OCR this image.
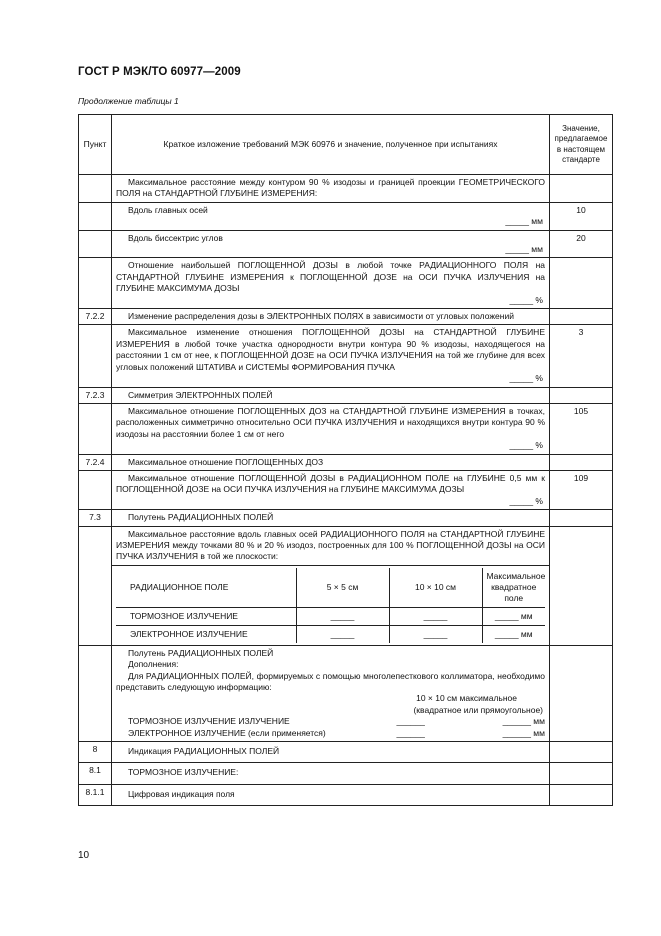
ГОСТ Р МЭК/ТО 60977—2009
Продолжение таблицы 1
Пункт	Краткое изложение требований МЭК 60976 и значение, полученное при испытаниях	Значение, предлагаемое в настоящем стандарте

Максимальное расстояние между контуром 90 % изодозы и границей проекции ГЕОМЕТРИЧЕСКОГО ПОЛЯ на СТАНДАРТНОЙ ГЛУБИНЕ ИЗМЕРЕНИЯ:

Вдоль главных осей
_____ мм
	10

Вдоль биссектрис углов
_____ мм
	20

Отношение наибольшей ПОГЛОЩЕННОЙ ДОЗЫ в любой точке РАДИАЦИОННОГО ПОЛЯ на СТАНДАРТНОЙ ГЛУБИНЕ ИЗМЕРЕНИЯ к ПОГЛОЩЕННОЙ ДОЗЕ на ОСИ ПУЧКА ИЗЛУЧЕНИЯ на ГЛУБИНЕ МАКСИМУМА ДОЗЫ
_____ %

7.2.2	Изменение распределения дозы в ЭЛЕКТРОННЫХ ПОЛЯХ в зависимости от угловых положений

Максимальное изменение отношения ПОГЛОЩЕННОЙ ДОЗЫ на СТАНДАРТНОЙ ГЛУБИНЕ ИЗМЕРЕНИЯ в любой точке участка однородности внутри контура 90 % изодозы, находящегося на расстоянии 1 см от нее, к ПОГЛОЩЕННОЙ ДОЗЕ на ОСИ ПУЧКА ИЗЛУЧЕНИЯ на той же глубине для всех угловых положений ШТАТИВА и СИСТЕМЫ ФОРМИРОВАНИЯ ПУЧКА
_____ %
	3
7.2.3	Симметрия ЭЛЕКТРОННЫХ ПОЛЕЙ

Максимальное отношение ПОГЛОЩЕННЫХ ДОЗ на СТАНДАРТНОЙ ГЛУБИНЕ ИЗМЕРЕНИЯ в точках, расположенных симметрично относительно ОСИ ПУЧКА ИЗЛУЧЕНИЯ и находящихся внутри контура 90 % изодозы на расстоянии более 1 см от него
_____ %
	105
7.2.4	Максимальное отношение ПОГЛОЩЕННЫХ ДОЗ

Максимальное отношение ПОГЛОЩЕННОЙ ДОЗЫ в РАДИАЦИОННОМ ПОЛЕ на ГЛУБИНЕ 0,5 мм к ПОГЛОЩЕННОЙ ДОЗЕ на ОСИ ПУЧКА ИЗЛУЧЕНИЯ на ГЛУБИНЕ МАКСИМУМА ДОЗЫ
_____ %
	109
7.3	Полутень РАДИАЦИОННЫХ ПОЛЕЙ

Максимальное расстояние вдоль главных осей РАДИАЦИОННОГО ПОЛЯ на СТАНДАРТНОЙ ГЛУБИНЕ ИЗМЕРЕНИЯ между точками 80 % и 20 % изодоз, построенных для 100 % ПОГЛОЩЕННОЙ ДОЗЫ на ОСИ ПУЧКА ИЗЛУЧЕНИЯ в той же плоскости:

РАДИАЦИОННОЕ ПОЛЕ	5 × 5 см	10 × 10 см	Максимальное квадратное поле
ТОРМОЗНОЕ ИЗЛУЧЕНИЕ	_____	_____	_____ мм
ЭЛЕКТРОННОЕ ИЗЛУЧЕНИЕ	_____	_____	_____ мм

Полутень РАДИАЦИОННЫХ ПОЛЕЙ
Дополнения:
Для РАДИАЦИОННЫХ ПОЛЕЙ, формируемых с помощью многолепесткового коллиматора, необходимо представить следующую информацию:
10 × 10 см максимальное
(квадратное или прямоугольное)
ТОРМОЗНОЕ ИЗЛУЧЕНИЕ ИЗЛУЧЕНИЕ	______	______ мм
ЭЛЕКТРОННОЕ ИЗЛУЧЕНИЕ (если применяется)	______	______ мм

8	Индикация РАДИАЦИОННЫХ ПОЛЕЙ

8.1	ТОРМОЗНОЕ ИЗЛУЧЕНИЕ:

8.1.1	Цифровая индикация поля

10
